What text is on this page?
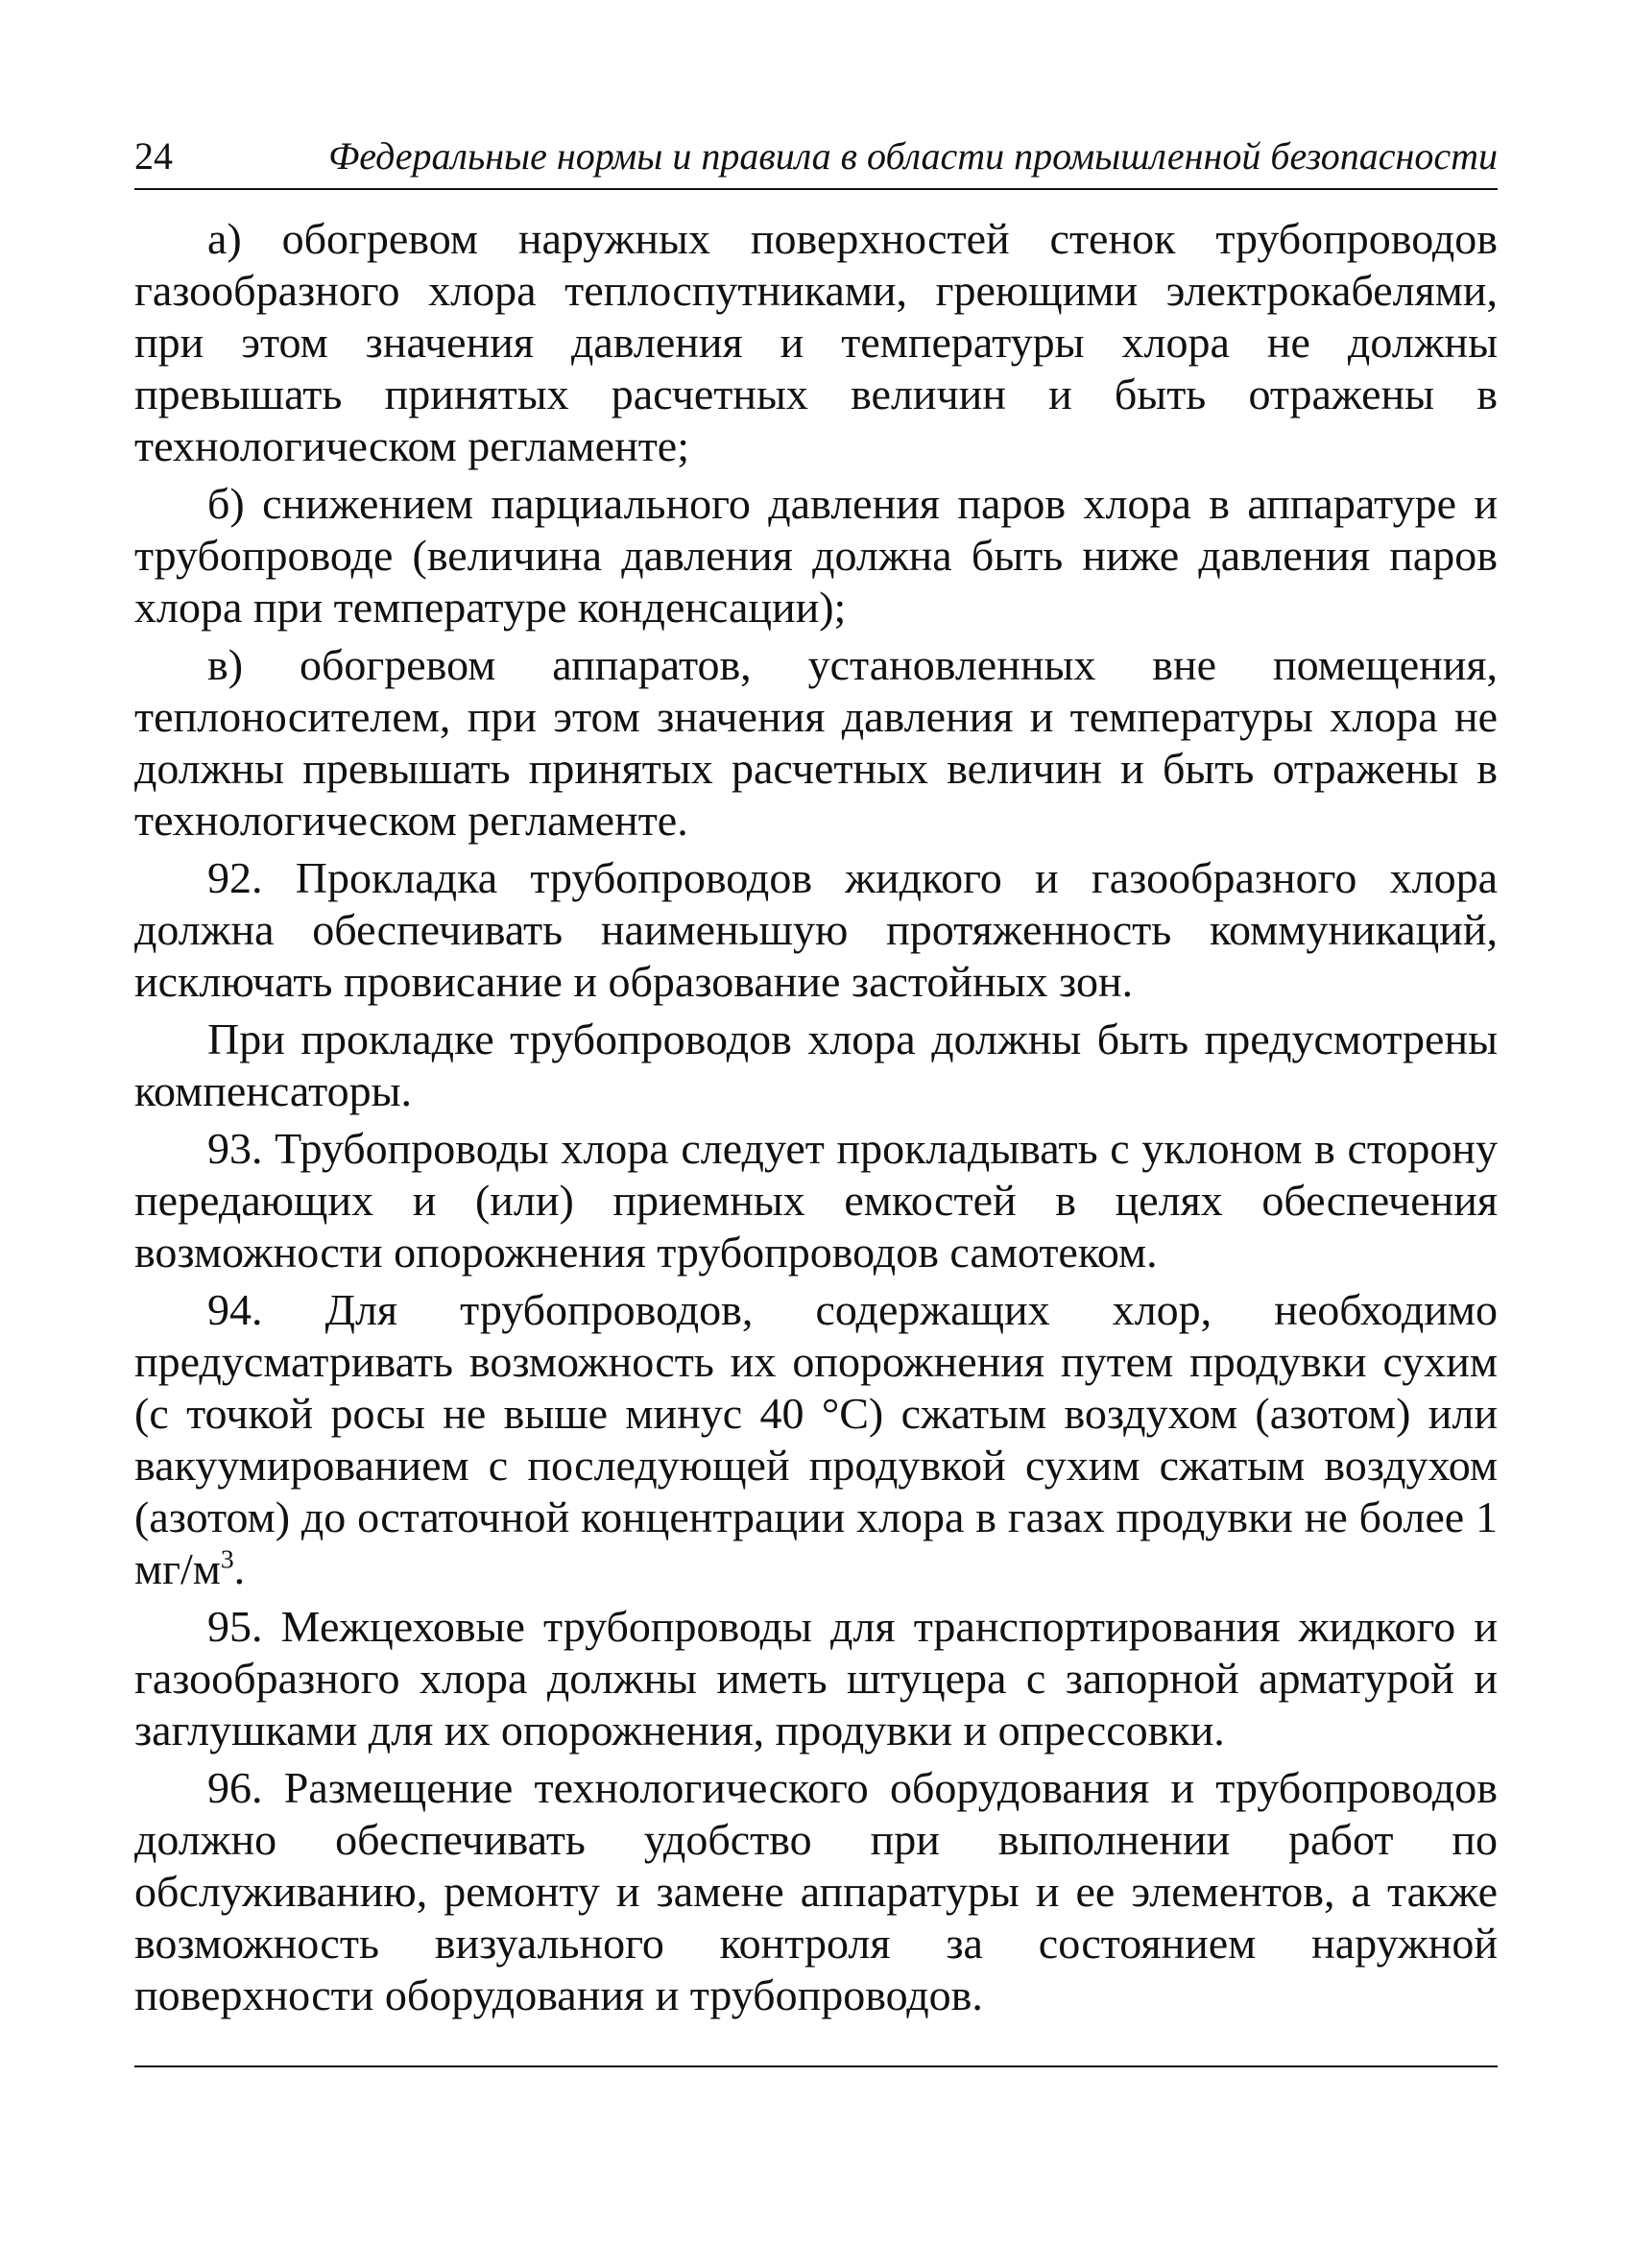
24	Федеральные нормы и правила в области промышленной безопасности

а) обогревом наружных поверхностей стенок трубопроводов газообразного хлора теплоспутниками, греющими электрокабелями, при этом значения давления и температуры хлора не должны превышать принятых расчетных величин и быть отражены в технологическом регламенте;

б) снижением парциального давления паров хлора в аппаратуре и трубопроводе (величина давления должна быть ниже давления паров хлора при температуре конденсации);

в) обогревом аппаратов, установленных вне помещения, теплоносителем, при этом значения давления и температуры хлора не должны превышать принятых расчетных величин и быть отражены в технологическом регламенте.

92. Прокладка трубопроводов жидкого и газообразного хлора должна обеспечивать наименьшую протяженность коммуникаций, исключать провисание и образование застойных зон.

При прокладке трубопроводов хлора должны быть предусмотрены компенсаторы.

93. Трубопроводы хлора следует прокладывать с уклоном в сторону передающих и (или) приемных емкостей в целях обеспечения возможности опорожнения трубопроводов самотеком.

94. Для трубопроводов, содержащих хлор, необходимо предусматривать возможность их опорожнения путем продувки сухим (с точкой росы не выше минус 40 °С) сжатым воздухом (азотом) или вакуумированием с последующей продувкой сухим сжатым воздухом (азотом) до остаточной концентрации хлора в газах продувки не более 1 $мг/м^3$.

95. Межцеховые трубопроводы для транспортирования жидкого и газообразного хлора должны иметь штуцера с запорной арматурой и заглушками для их опорожнения, продувки и опрессовки.

96. Размещение технологического оборудования и трубопроводов должно обеспечивать удобство при выполнении работ по обслуживанию, ремонту и замене аппаратуры и ее элементов, а также возможность визуального контроля за состоянием наружной поверхности оборудования и трубопроводов.
